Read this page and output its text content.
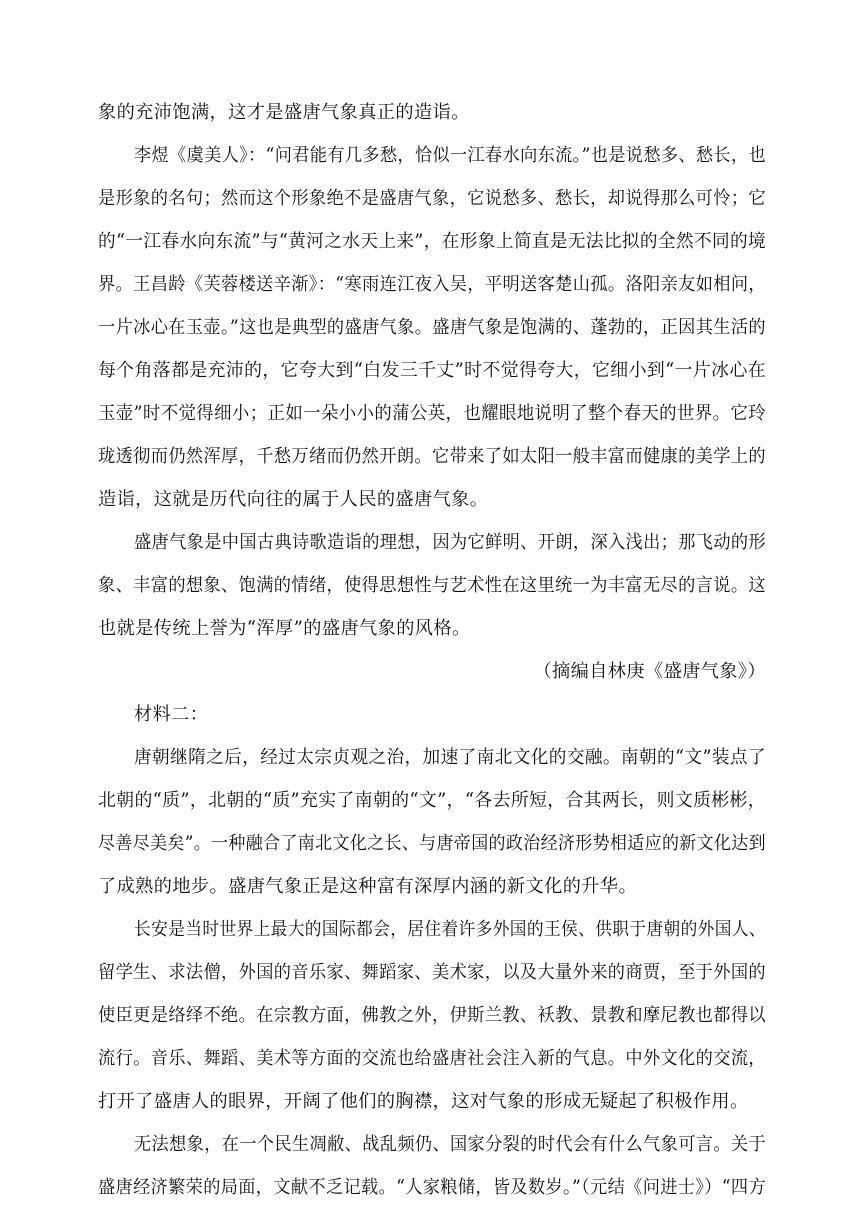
象的充沛饱满，这才是盛唐气象真正的造诣。
李煜《虞美人》：“问君能有几多愁，恰似一江春水向东流。”也是说愁多、愁长，也
是形象的名句；然而这个形象绝不是盛唐气象，它说愁多、愁长，却说得那么可怜；它
的“一江春水向东流”与“黄河之水天上来”，在形象上简直是无法比拟的全然不同的境
界。王昌龄《芙蓉楼送辛渐》：“寒雨连江夜入吴，平明送客楚山孤。洛阳亲友如相问，
一片冰心在玉壶。”这也是典型的盛唐气象。盛唐气象是饱满的、蓬勃的，正因其生活的
每个角落都是充沛的，它夸大到“白发三千丈”时不觉得夸大，它细小到“一片冰心在
玉壶”时不觉得细小；正如一朵小小的蒲公英，也耀眼地说明了整个春天的世界。它玲
珑透彻而仍然浑厚，千愁万绪而仍然开朗。它带来了如太阳一般丰富而健康的美学上的
造诣，这就是历代向往的属于人民的盛唐气象。
盛唐气象是中国古典诗歌造诣的理想，因为它鲜明、开朗，深入浅出；那飞动的形
象、丰富的想象、饱满的情绪，使得思想性与艺术性在这里统一为丰富无尽的言说。这
也就是传统上誉为“浑厚”的盛唐气象的风格。
（摘编自林庚《盛唐气象》）
材料二：
唐朝继隋之后，经过太宗贞观之治，加速了南北文化的交融。南朝的“文”装点了
北朝的“质”，北朝的“质”充实了南朝的“文”，“各去所短，合其两长，则文质彬彬，
尽善尽美矣”。一种融合了南北文化之长、与唐帝国的政治经济形势相适应的新文化达到
了成熟的地步。盛唐气象正是这种富有深厚内涵的新文化的升华。
长安是当时世界上最大的国际都会，居住着许多外国的王侯、供职于唐朝的外国人、
留学生、求法僧，外国的音乐家、舞蹈家、美术家，以及大量外来的商贾，至于外国的
使臣更是络绎不绝。在宗教方面，佛教之外，伊斯兰教、袄教、景教和摩尼教也都得以
流行。音乐、舞蹈、美术等方面的交流也给盛唐社会注入新的气息。中外文化的交流，
打开了盛唐人的眼界，开阔了他们的胸襟，这对气象的形成无疑起了积极作用。
无法想象，在一个民生凋敝、战乱频仍、国家分裂的时代会有什么气象可言。关于
盛唐经济繁荣的局面，文献不乏记载。“人家粮储，皆及数岁。”（元结《问进士》）“四方
